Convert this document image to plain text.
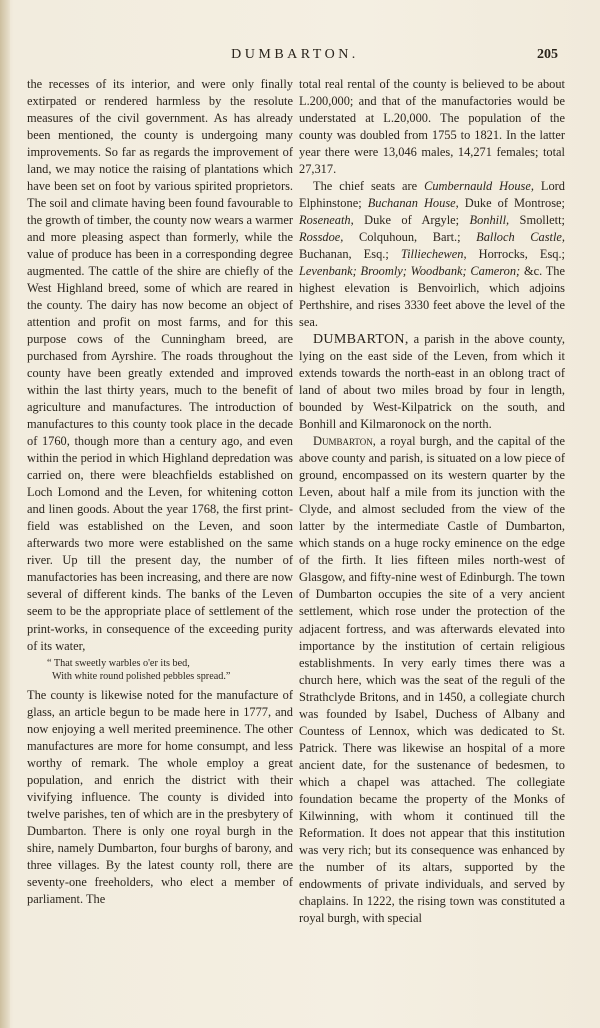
DUMBARTON.	205

the recesses of its interior, and were only finally extirpated or rendered harmless by the resolute measures of the civil government. As has already been mentioned, the county is undergoing many improvements. So far as regards the improvement of land, we may notice the raising of plantations which have been set on foot by various spirited proprietors. The soil and climate having been found favourable to the growth of timber, the county now wears a warmer and more pleasing aspect than formerly, while the value of produce has been in a corresponding degree augmented. The cattle of the shire are chiefly of the West Highland breed, some of which are reared in the county. The dairy has now become an object of attention and profit on most farms, and for this purpose cows of the Cunningham breed, are purchased from Ayrshire. The roads throughout the county have been greatly extended and improved within the last thirty years, much to the benefit of agriculture and manufactures. The introduction of manufactures to this county took place in the decade of 1760, though more than a century ago, and even within the period in which Highland depredation was carried on, there were bleachfields established on Loch Lomond and the Leven, for whitening cotton and linen goods. About the year 1768, the first print-field was established on the Leven, and soon afterwards two more were established on the same river. Up till the present day, the number of manufactories has been increasing, and there are now several of different kinds. The banks of the Leven seem to be the appropriate place of settlement of the print-works, in consequence of the exceeding purity of its water,

“ That sweetly warbles o'er its bed,
With white round polished pebbles spread.”

The county is likewise noted for the manufacture of glass, an article begun to be made here in 1777, and now enjoying a well merited preeminence. The other manufactures are more for home consumpt, and less worthy of remark. The whole employ a great population, and enrich the district with their vivifying influence. The county is divided into twelve parishes, ten of which are in the presbytery of Dumbarton. There is only one royal burgh in the shire, namely Dumbarton, four burghs of barony, and three villages. By the latest county roll, there are seventy-one freeholders, who elect a member of parliament. The

total real rental of the county is believed to be about L.200,000; and that of the manufactories would be understated at L.20,000. The population of the county was doubled from 1755 to 1821. In the latter year there were 13,046 males, 14,271 females; total 27,317.

The chief seats are Cumbernauld House, Lord Elphinstone; Buchanan House, Duke of Montrose; Roseneath, Duke of Argyle; Bonhill, Smollett; Rossdoe, Colquhoun, Bart.; Balloch Castle, Buchanan, Esq.; Tilliechewen, Horrocks, Esq.; Levenbank; Broomly; Woodbank; Cameron; &c. The highest elevation is Benvoirlich, which adjoins Perthshire, and rises 3330 feet above the level of the sea.

DUMBARTON, a parish in the above county, lying on the east side of the Leven, from which it extends towards the north-east in an oblong tract of land of about two miles broad by four in length, bounded by West-Kilpatrick on the south, and Bonhill and Kilmaronock on the north.

Dumbarton, a royal burgh, and the capital of the above county and parish, is situated on a low piece of ground, encompassed on its western quarter by the Leven, about half a mile from its junction with the Clyde, and almost secluded from the view of the latter by the intermediate Castle of Dumbarton, which stands on a huge rocky eminence on the edge of the firth. It lies fifteen miles north-west of Glasgow, and fifty-nine west of Edinburgh. The town of Dumbarton occupies the site of a very ancient settlement, which rose under the protection of the adjacent fortress, and was afterwards elevated into importance by the institution of certain religious establishments. In very early times there was a church here, which was the seat of the reguli of the Strathclyde Britons, and in 1450, a collegiate church was founded by Isabel, Duchess of Albany and Countess of Lennox, which was dedicated to St. Patrick. There was likewise an hospital of a more ancient date, for the sustenance of bedesmen, to which a chapel was attached. The collegiate foundation became the property of the Monks of Kilwinning, with whom it continued till the Reformation. It does not appear that this institution was very rich; but its consequence was enhanced by the number of its altars, supported by the endowments of private individuals, and served by chaplains. In 1222, the rising town was constituted a royal burgh, with special
